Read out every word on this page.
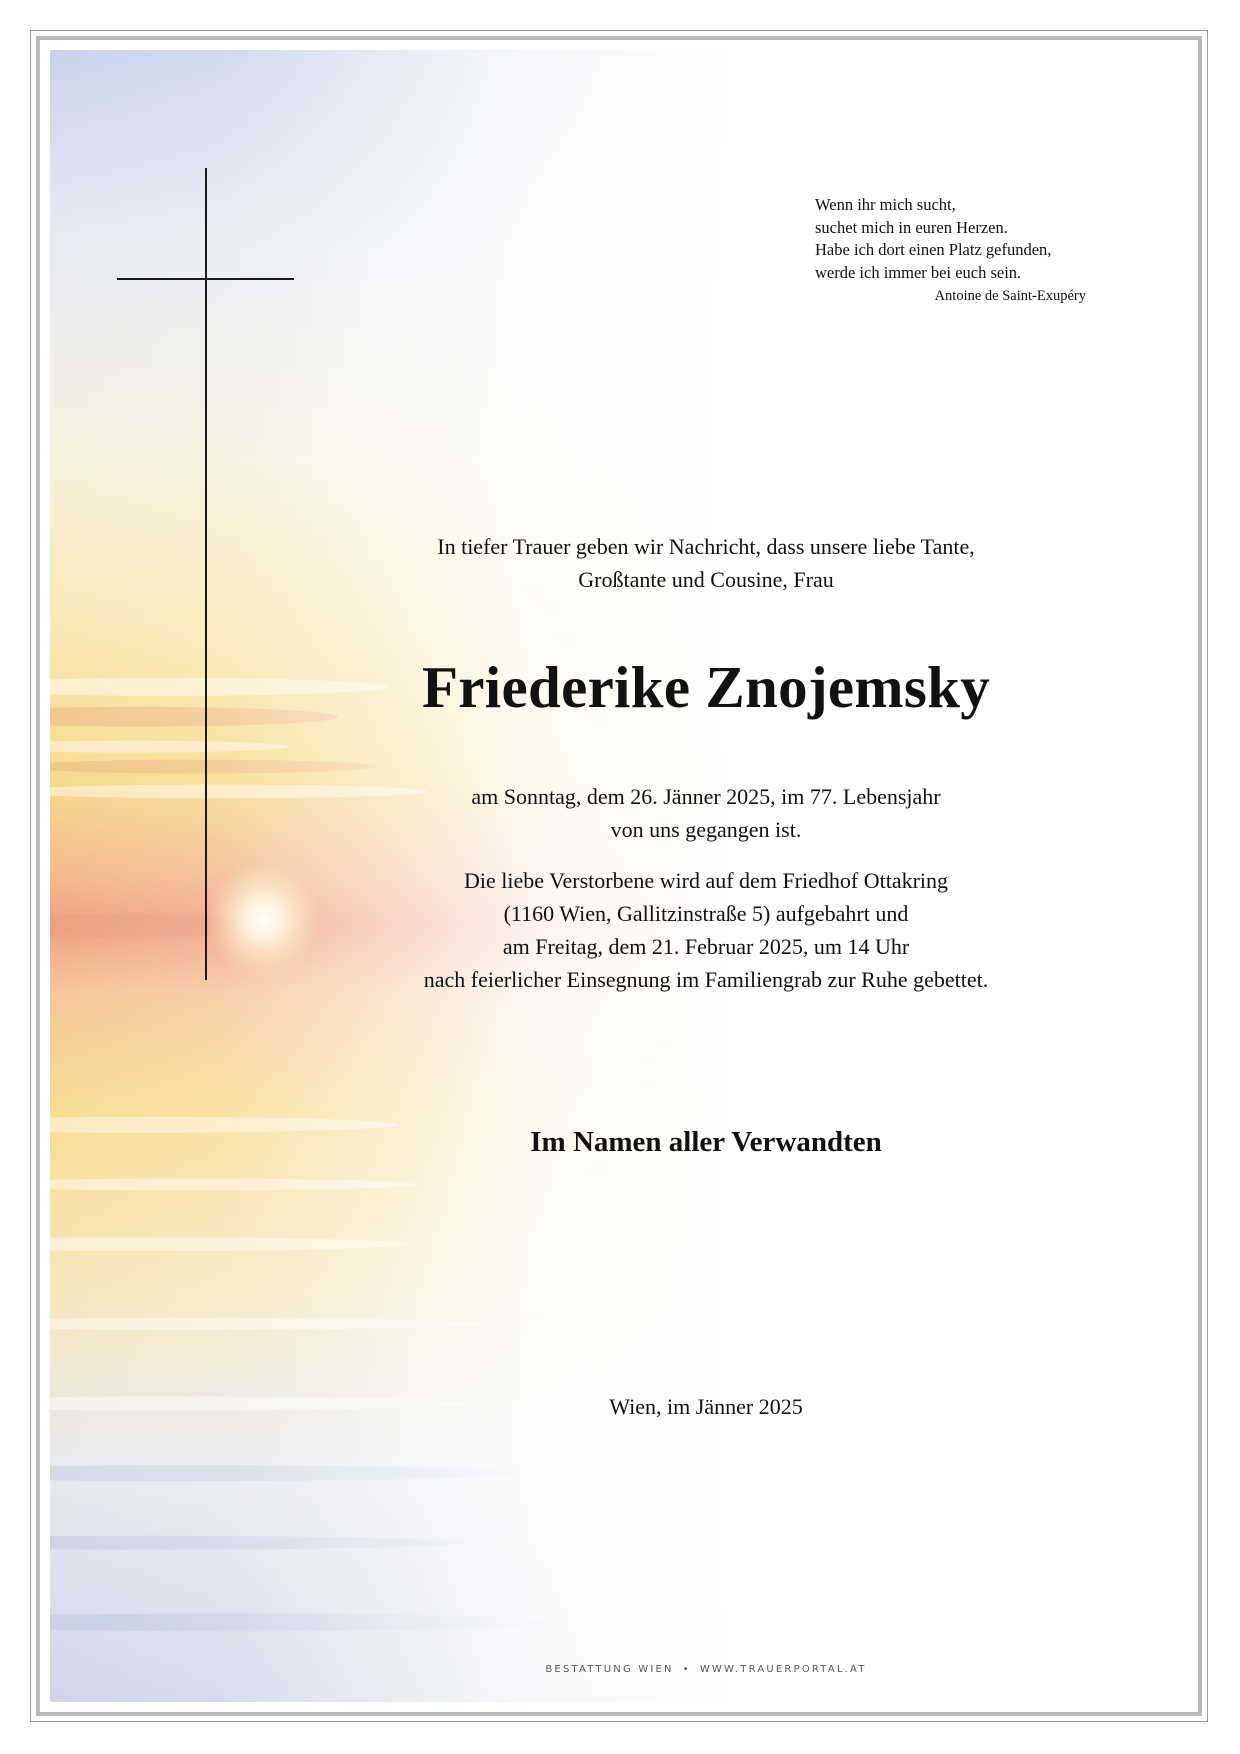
Wenn ihr mich sucht,
suchet mich in euren Herzen.
Habe ich dort einen Platz gefunden,
werde ich immer bei euch sein.
Antoine de Saint-Exupéry
In tiefer Trauer geben wir Nachricht, dass unsere liebe Tante,
Großtante und Cousine, Frau
Friederike Znojemsky
am Sonntag, dem 26. Jänner 2025, im 77. Lebensjahr
von uns gegangen ist.
Die liebe Verstorbene wird auf dem Friedhof Ottakring
(1160 Wien, Gallitzinstraße 5) aufgebahrt und
am Freitag, dem 21. Februar 2025, um 14 Uhr
nach feierlicher Einsegnung im Familiengrab zur Ruhe gebettet.
Im Namen aller Verwandten
Wien, im Jänner 2025
BESTATTUNG WIEN • WWW.TRAUERPORTAL.AT
